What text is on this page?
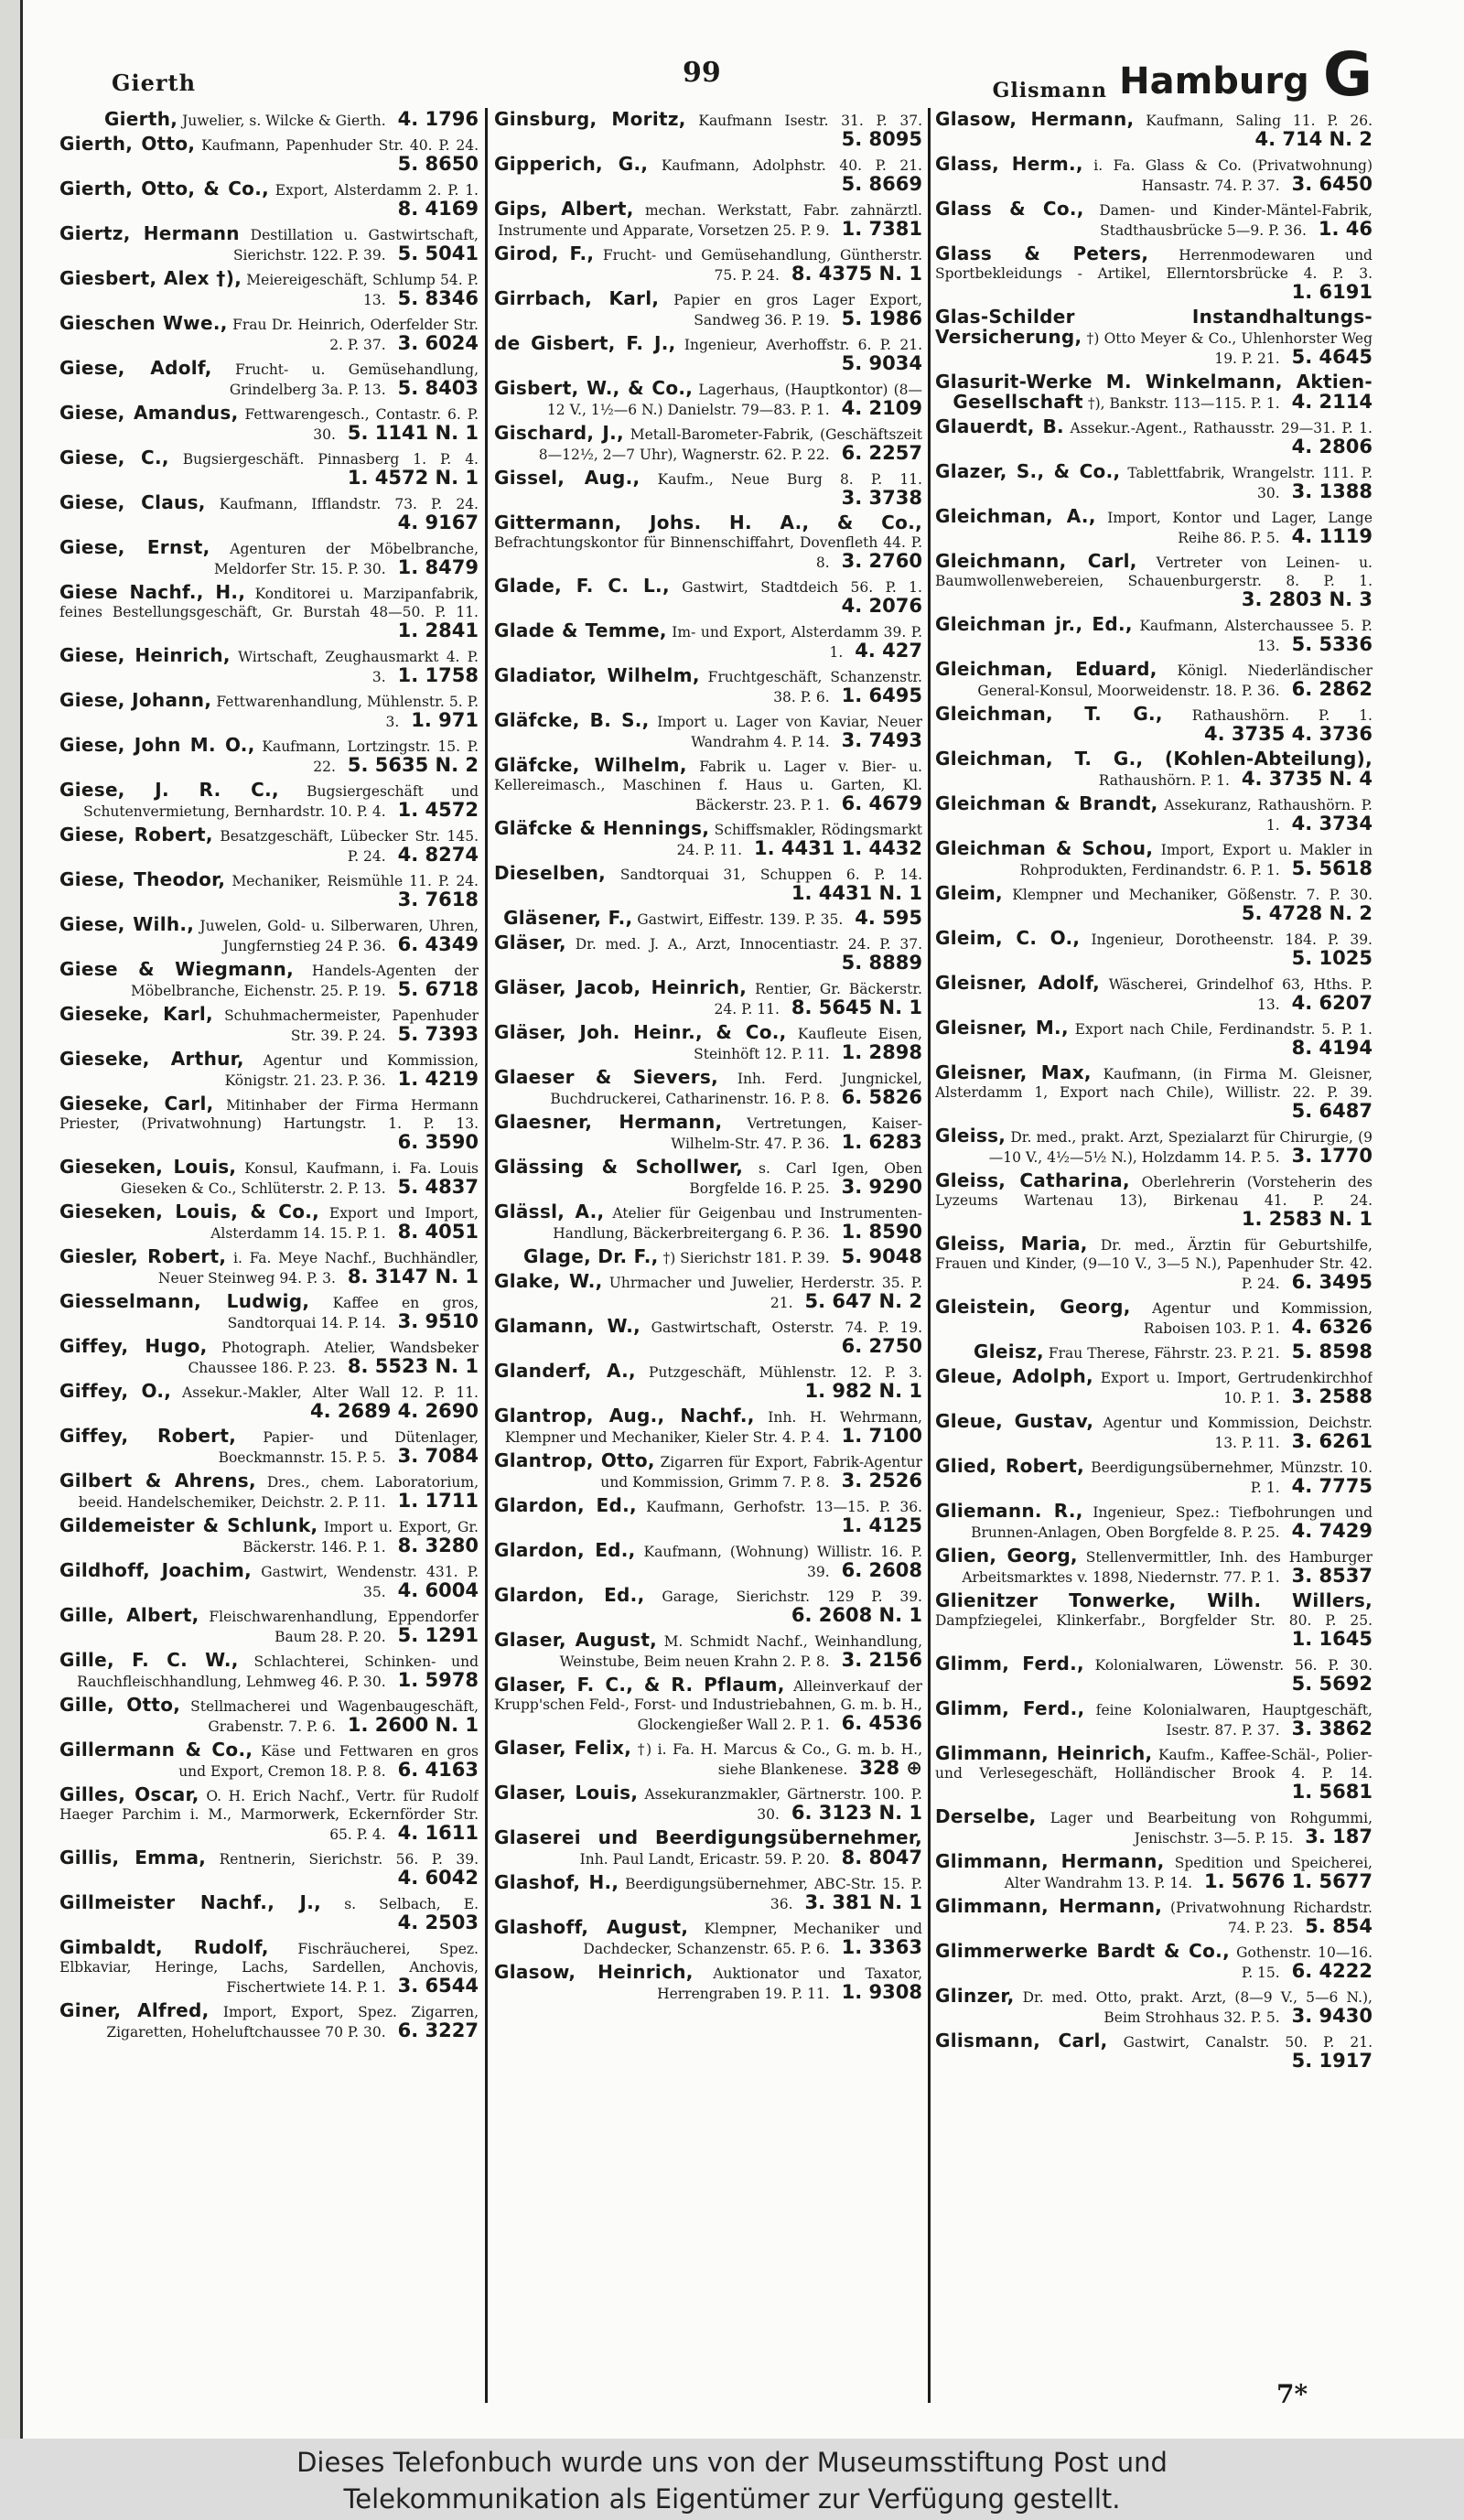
Gierth	99
Glismann Hamburg G
Gierth, Juwelier, s. Wilcke & Gierth. 4. 1796
Gierth, Otto, Kaufmann, Papenhuder Str. 40. P. 24. 5. 8650
Gierth, Otto, & Co., Export, Alsterdamm 2. P. 1. 8. 4169
Giertz, Hermann Destillation u. Gastwirtschaft, Sierichstr. 122. P. 39. 5. 5041
Giesbert, Alex †), Meiereigeschäft, Schlump 54. P. 13. 5. 8346
Gieschen Wwe., Frau Dr. Heinrich, Oderfelder Str. 2. P. 37. 3. 6024
Giese, Adolf, Frucht- u. Gemüsehandlung, Grindelberg 3a. P. 13. 5. 8403
Giese, Amandus, Fettwarengesch., Contastr. 6. P. 30. 5. 1141 N. 1
Giese, C., Bugsiergeschäft. Pinnasberg 1. P. 4. 1. 4572 N. 1
Giese, Claus, Kaufmann, Ifflandstr. 73. P. 24. 4. 9167
Giese, Ernst, Agenturen der Möbelbranche, Meldorfer Str. 15. P. 30. 1. 8479
Giese Nachf., H., Konditorei u. Marzipanfabrik, feines Bestellungsgeschäft, Gr. Burstah 48—50. P. 11. 1. 2841
Giese, Heinrich, Wirtschaft, Zeughausmarkt 4. P. 3. 1. 1758
Giese, Johann, Fettwarenhandlung, Mühlenstr. 5. P. 3. 1. 971
Giese, John M. O., Kaufmann, Lortzingstr. 15. P. 22. 5. 5635 N. 2
Giese, J. R. C., Bugsiergeschäft und Schutenvermietung, Bernhardstr. 10. P. 4. 1. 4572
Giese, Robert, Besatzgeschäft, Lübecker Str. 145. P. 24. 4. 8274
Giese, Theodor, Mechaniker, Reismühle 11. P. 24. 3. 7618
Giese, Wilh., Juwelen, Gold- u. Silberwaren, Uhren, Jungfernstieg 24 P. 36. 6. 4349
Giese & Wiegmann, Handels-Agenten der Möbelbranche, Eichenstr. 25. P. 19. 5. 6718
Gieseke, Karl, Schuhmachermeister, Papenhuder Str. 39. P. 24. 5. 7393
Gieseke, Arthur, Agentur und Kommission, Königstr. 21. 23. P. 36. 1. 4219
Gieseke, Carl, Mitinhaber der Firma Hermann Priester, (Privatwohnung) Hartungstr. 1. P. 13. 6. 3590
Gieseken, Louis, Konsul, Kaufmann, i. Fa. Louis Gieseken & Co., Schlüterstr. 2. P. 13. 5. 4837
Gieseken, Louis, & Co., Export und Import, Alsterdamm 14. 15. P. 1. 8. 4051
Giesler, Robert, i. Fa. Meye Nachf., Buchhändler, Neuer Steinweg 94. P. 3. 8. 3147 N. 1
Giesselmann, Ludwig, Kaffee en gros, Sandtorquai 14. P. 14. 3. 9510
Giffey, Hugo, Photograph. Atelier, Wandsbeker Chaussee 186. P. 23. 8. 5523 N. 1
Giffey, O., Assekur.-Makler, Alter Wall 12. P. 11. 4. 2689 4. 2690
Giffey, Robert, Papier- und Dütenlager, Boeckmannstr. 15. P. 5. 3. 7084
Gilbert & Ahrens, Dres., chem. Laboratorium, beeid. Handelschemiker, Deichstr. 2. P. 11. 1. 1711
Gildemeister & Schlunk, Import u. Export, Gr. Bäckerstr. 146. P. 1. 8. 3280
Gildhoff, Joachim, Gastwirt, Wendenstr. 431. P. 35. 4. 6004
Gille, Albert, Fleischwarenhandlung, Eppendorfer Baum 28. P. 20. 5. 1291
Gille, F. C. W., Schlachterei, Schinken- und Rauchfleischhandlung, Lehmweg 46. P. 30. 1. 5978
Gille, Otto, Stellmacherei und Wagenbaugeschäft, Grabenstr. 7. P. 6. 1. 2600 N. 1
Gillermann & Co., Käse und Fettwaren en gros und Export, Cremon 18. P. 8. 6. 4163
Gilles, Oscar, O. H. Erich Nachf., Vertr. für Rudolf Haeger Parchim i. M., Marmorwerk, Eckernförder Str. 65. P. 4. 4. 1611
Gillis, Emma, Rentnerin, Sierichstr. 56. P. 39. 4. 6042
Gillmeister Nachf., J., s. Selbach, E. 4. 2503
Gimbaldt, Rudolf, Fischräucherei, Spez. Elbkaviar, Heringe, Lachs, Sardellen, Anchovis, Fischertwiete 14. P. 1. 3. 6544
Giner, Alfred, Import, Export, Spez. Zigarren, Zigaretten, Hoheluftchaussee 70 P. 30. 6. 3227
Ginsburg, Moritz, Kaufmann Isestr. 31. P. 37. 5. 8095
Gipperich, G., Kaufmann, Adolphstr. 40. P. 21. 5. 8669
Gips, Albert, mechan. Werkstatt, Fabr. zahnärztl. Instrumente und Apparate, Vorsetzen 25. P. 9. 1. 7381
Girod, F., Frucht- und Gemüsehandlung, Güntherstr. 75. P. 24. 8. 4375 N. 1
Girrbach, Karl, Papier en gros Lager Export, Sandweg 36. P. 19. 5. 1986
de Gisbert, F. J., Ingenieur, Averhoffstr. 6. P. 21. 5. 9034
Gisbert, W., & Co., Lagerhaus, (Hauptkontor) (8—12 V., 1½—6 N.) Danielstr. 79—83. P. 1. 4. 2109
Gischard, J., Metall-Barometer-Fabrik, (Geschäftszeit 8—12½, 2—7 Uhr), Wagnerstr. 62. P. 22. 6. 2257
Gissel, Aug., Kaufm., Neue Burg 8. P. 11. 3. 3738
Gittermann, Johs. H. A., & Co., Befrachtungskontor für Binnenschiffahrt, Dovenfleth 44. P. 8. 3. 2760
Glade, F. C. L., Gastwirt, Stadtdeich 56. P. 1. 4. 2076
Glade & Temme, Im- und Export, Alsterdamm 39. P. 1. 4. 427
Gladiator, Wilhelm, Fruchtgeschäft, Schanzenstr. 38. P. 6. 1. 6495
Gläfcke, B. S., Import u. Lager von Kaviar, Neuer Wandrahm 4. P. 14. 3. 7493
Gläfcke, Wilhelm, Fabrik u. Lager v. Bier- u. Kellereimasch., Maschinen f. Haus u. Garten, Kl. Bäckerstr. 23. P. 1. 6. 4679
Gläfcke & Hennings, Schiffsmakler, Rödingsmarkt 24. P. 11. 1. 4431 1. 4432
Dieselben, Sandtorquai 31, Schuppen 6. P. 14. 1. 4431 N. 1
Gläsener, F., Gastwirt, Eiffestr. 139. P. 35. 4. 595
Gläser, Dr. med. J. A., Arzt, Innocentiastr. 24. P. 37. 5. 8889
Gläser, Jacob, Heinrich, Rentier, Gr. Bäckerstr. 24. P. 11. 8. 5645 N. 1
Gläser, Joh. Heinr., & Co., Kaufleute Eisen, Steinhöft 12. P. 11. 1. 2898
Glaeser & Sievers, Inh. Ferd. Jungnickel, Buchdruckerei, Catharinenstr. 16. P. 8. 6. 5826
Glaesner, Hermann, Vertretungen, Kaiser-Wilhelm-Str. 47. P. 36. 1. 6283
Glässing & Schollwer, s. Carl Igen, Oben Borgfelde 16. P. 25. 3. 9290
Glässl, A., Atelier für Geigenbau und Instrumenten-Handlung, Bäckerbreitergang 6. P. 36. 1. 8590
Glage, Dr. F., †) Sierichstr 181. P. 39. 5. 9048
Glake, W., Uhrmacher und Juwelier, Herderstr. 35. P. 21. 5. 647 N. 2
Glamann, W., Gastwirtschaft, Osterstr. 74. P. 19. 6. 2750
Glanderf, A., Putzgeschäft, Mühlenstr. 12. P. 3. 1. 982 N. 1
Glantrop, Aug., Nachf., Inh. H. Wehrmann, Klempner und Mechaniker, Kieler Str. 4. P. 4. 1. 7100
Glantrop, Otto, Zigarren für Export, Fabrik-Agentur und Kommission, Grimm 7. P. 8. 3. 2526
Glardon, Ed., Kaufmann, Gerhofstr. 13—15. P. 36. 1. 4125
Glardon, Ed., Kaufmann, (Wohnung) Willistr. 16. P. 39. 6. 2608
Glardon, Ed., Garage, Sierichstr. 129 P. 39. 6. 2608 N. 1
Glaser, August, M. Schmidt Nachf., Weinhandlung, Weinstube, Beim neuen Krahn 2. P. 8. 3. 2156
Glaser, F. C., & R. Pflaum, Alleinverkauf der Krupp'schen Feld-, Forst- und Industriebahnen, G. m. b. H., Glockengießer Wall 2. P. 1. 6. 4536
Glaser, Felix, †) i. Fa. H. Marcus & Co., G. m. b. H., siehe Blankenese. 328 ⊕
Glaser, Louis, Assekuranzmakler, Gärtnerstr. 100. P. 30. 6. 3123 N. 1
Glaserei und Beerdigungsübernehmer, Inh. Paul Landt, Ericastr. 59. P. 20. 8. 8047
Glashof, H., Beerdigungsübernehmer, ABC-Str. 15. P. 36. 3. 381 N. 1
Glashoff, August, Klempner, Mechaniker und Dachdecker, Schanzenstr. 65. P. 6. 1. 3363
Glasow, Heinrich, Auktionator und Taxator, Herrengraben 19. P. 11. 1. 9308
Glasow, Hermann, Kaufmann, Saling 11. P. 26. 4. 714 N. 2
Glass, Herm., i. Fa. Glass & Co. (Privatwohnung) Hansastr. 74. P. 37. 3. 6450
Glass & Co., Damen- und Kinder-Mäntel-Fabrik, Stadthausbrücke 5—9. P. 36. 1. 46
Glass & Peters, Herrenmodewaren und Sportbekleidungs - Artikel, Ellerntorsbrücke 4. P. 3. 1. 6191
Glas-Schilder Instandhaltungs-Versicherung, †) Otto Meyer & Co., Uhlenhorster Weg 19. P. 21. 5. 4645
Glasurit-Werke M. Winkelmann, Aktien-Gesellschaft †), Bankstr. 113—115. P. 1. 4. 2114
Glauerdt, B. Assekur.-Agent., Rathausstr. 29—31. P. 1. 4. 2806
Glazer, S., & Co., Tablettfabrik, Wrangelstr. 111. P. 30. 3. 1388
Gleichman, A., Import, Kontor und Lager, Lange Reihe 86. P. 5. 4. 1119
Gleichmann, Carl, Vertreter von Leinen- u. Baumwollenwebereien, Schauenburgerstr. 8. P. 1. 3. 2803 N. 3
Gleichman jr., Ed., Kaufmann, Alsterchaussee 5. P. 13. 5. 5336
Gleichman, Eduard, Königl. Niederländischer General-Konsul, Moorweidenstr. 18. P. 36. 6. 2862
Gleichman, T. G., Rathaushörn. P. 1. 4. 3735 4. 3736
Gleichman, T. G., (Kohlen-Abteilung), Rathaushörn. P. 1. 4. 3735 N. 4
Gleichman & Brandt, Assekuranz, Rathaushörn. P. 1. 4. 3734
Gleichman & Schou, Import, Export u. Makler in Rohprodukten, Ferdinandstr. 6. P. 1. 5. 5618
Gleim, Klempner und Mechaniker, Gößenstr. 7. P. 30. 5. 4728 N. 2
Gleim, C. O., Ingenieur, Dorotheenstr. 184. P. 39. 5. 1025
Gleisner, Adolf, Wäscherei, Grindelhof 63, Hths. P. 13. 4. 6207
Gleisner, M., Export nach Chile, Ferdinandstr. 5. P. 1. 8. 4194
Gleisner, Max, Kaufmann, (in Firma M. Gleisner, Alsterdamm 1, Export nach Chile), Willistr. 22. P. 39. 5. 6487
Gleiss, Dr. med., prakt. Arzt, Spezialarzt für Chirurgie, (9—10 V., 4½—5½ N.), Holzdamm 14. P. 5. 3. 1770
Gleiss, Catharina, Oberlehrerin (Vorsteherin des Lyzeums Wartenau 13), Birkenau 41. P. 24. 1. 2583 N. 1
Gleiss, Maria, Dr. med., Ärztin für Geburtshilfe, Frauen und Kinder, (9—10 V., 3—5 N.), Papenhuder Str. 42. P. 24. 6. 3495
Gleistein, Georg, Agentur und Kommission, Raboisen 103. P. 1. 4. 6326
Gleisz, Frau Therese, Fährstr. 23. P. 21. 5. 8598
Gleue, Adolph, Export u. Import, Gertrudenkirchhof 10. P. 1. 3. 2588
Gleue, Gustav, Agentur und Kommission, Deichstr. 13. P. 11. 3. 6261
Glied, Robert, Beerdigungsübernehmer, Münzstr. 10. P. 1. 4. 7775
Gliemann. R., Ingenieur, Spez.: Tiefbohrungen und Brunnen-Anlagen, Oben Borgfelde 8. P. 25. 4. 7429
Glien, Georg, Stellenvermittler, Inh. des Hamburger Arbeitsmarktes v. 1898, Niedernstr. 77. P. 1. 3. 8537
Glienitzer Tonwerke, Wilh. Willers, Dampfziegelei, Klinkerfabr., Borgfelder Str. 80. P. 25. 1. 1645
Glimm, Ferd., Kolonialwaren, Löwenstr. 56. P. 30. 5. 5692
Glimm, Ferd., feine Kolonialwaren, Hauptgeschäft, Isestr. 87. P. 37. 3. 3862
Glimmann, Heinrich, Kaufm., Kaffee-Schäl-, Polier- und Verlesegeschäft, Holländischer Brook 4. P. 14. 1. 5681
Derselbe, Lager und Bearbeitung von Rohgummi, Jenischstr. 3—5. P. 15. 3. 187
Glimmann, Hermann, Spedition und Speicherei, Alter Wandrahm 13. P. 14. 1. 5676 1. 5677
Glimmann, Hermann, (Privatwohnung Richardstr. 74. P. 23. 5. 854
Glimmerwerke Bardt & Co., Gothenstr. 10—16. P. 15. 6. 4222
Glinzer, Dr. med. Otto, prakt. Arzt, (8—9 V., 5—6 N.), Beim Strohhaus 32. P. 5. 3. 9430
Glismann, Carl, Gastwirt, Canalstr. 50. P. 21. 5. 1917
7*
Dieses Telefonbuch wurde uns von der Museumsstiftung Post und
Telekommunikation als Eigentümer zur Verfügung gestellt.
